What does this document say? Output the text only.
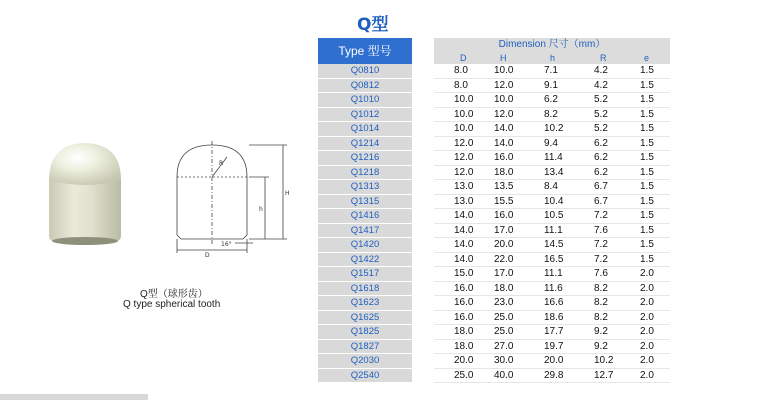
Q型
R
H
h
D
16°
Q型（球形齿）
Q type spherical tooth
Type 型号		Dimension 尺寸（mm）				
		D	H	h	R	e
Q0810		8.0	10.0	7.1	4.2	1.5
Q0812		8.0	12.0	9.1	4.2	1.5
Q1010		10.0	10.0	6.2	5.2	1.5
Q1012		10.0	12.0	8.2	5.2	1.5
Q1014		10.0	14.0	10.2	5.2	1.5
Q1214		12.0	14.0	9.4	6.2	1.5
Q1216		12.0	16.0	11.4	6.2	1.5
Q1218		12.0	18.0	13.4	6.2	1.5
Q1313		13.0	13.5	8.4	6.7	1.5
Q1315		13.0	15.5	10.4	6.7	1.5
Q1416		14.0	16.0	10.5	7.2	1.5
Q1417		14.0	17.0	11.1	7.6	1.5
Q1420		14.0	20.0	14.5	7.2	1.5
Q1422		14.0	22.0	16.5	7.2	1.5
Q1517		15.0	17.0	11.1	7.6	2.0
Q1618		16.0	18.0	11.6	8.2	2.0
Q1623		16.0	23.0	16.6	8.2	2.0
Q1625		16.0	25.0	18.6	8.2	2.0
Q1825		18.0	25.0	17.7	9.2	2.0
Q1827		18.0	27.0	19.7	9.2	2.0
Q2030		20.0	30.0	20.0	10.2	2.0
Q2540		25.0	40.0	29.8	12.7	2.0
